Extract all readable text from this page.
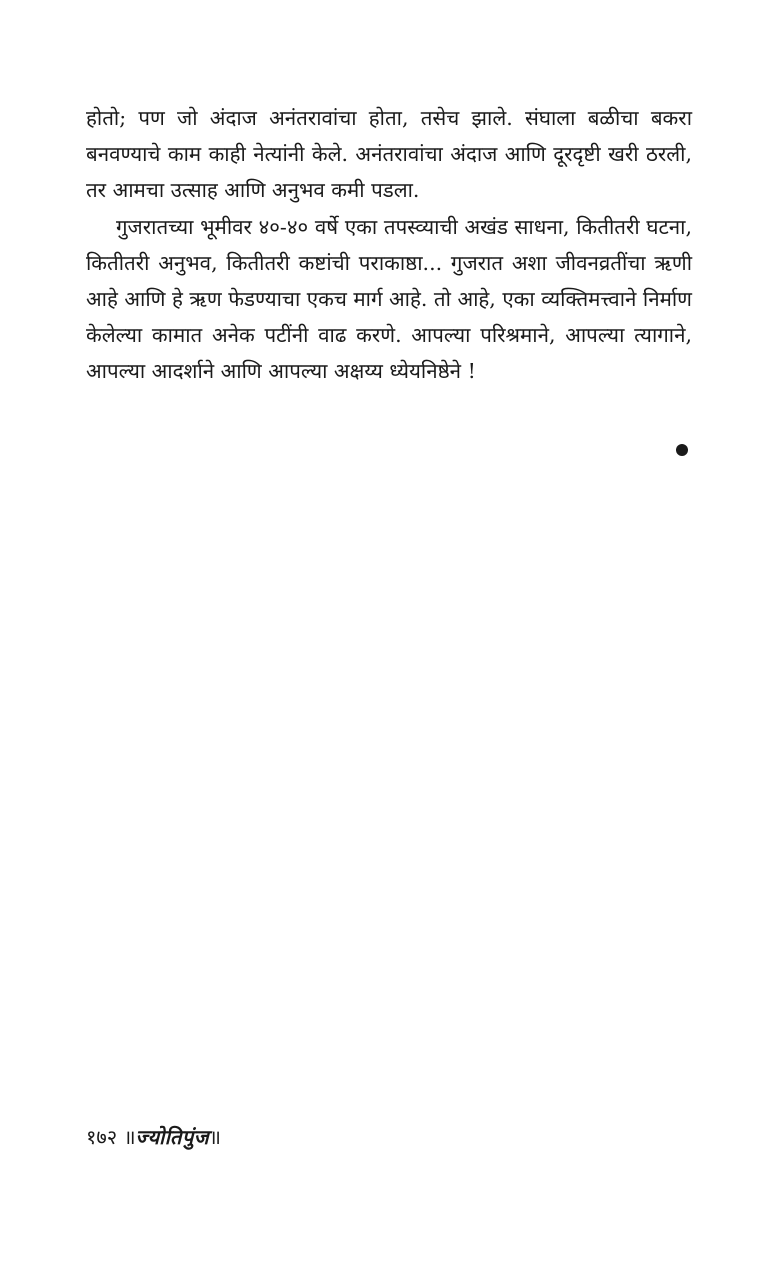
होतो; पण जो अंदाज अनंतरावांचा होता, तसेच झाले. संघाला बळीचा बकरा बनवण्याचे काम काही नेत्यांनी केले. अनंतरावांचा अंदाज आणि दूरदृष्टी खरी ठरली, तर आमचा उत्साह आणि अनुभव कमी पडला.

गुजरातच्या भूमीवर ४०-४० वर्षे एका तपस्व्याची अखंड साधना, कितीतरी घटना, कितीतरी अनुभव, कितीतरी कष्टांची पराकाष्ठा... गुजरात अशा जीवनव्रतींचा ऋणी आहे आणि हे ऋण फेडण्याचा एकच मार्ग आहे. तो आहे, एका व्यक्तिमत्त्वाने निर्माण केलेल्या कामात अनेक पटींनी वाढ करणे. आपल्या परिश्रमाने, आपल्या त्यागाने, आपल्या आदर्शाने आणि आपल्या अक्षय्य ध्येयनिष्ठेने !

१७२ ॥ज्योतिपुंज॥
